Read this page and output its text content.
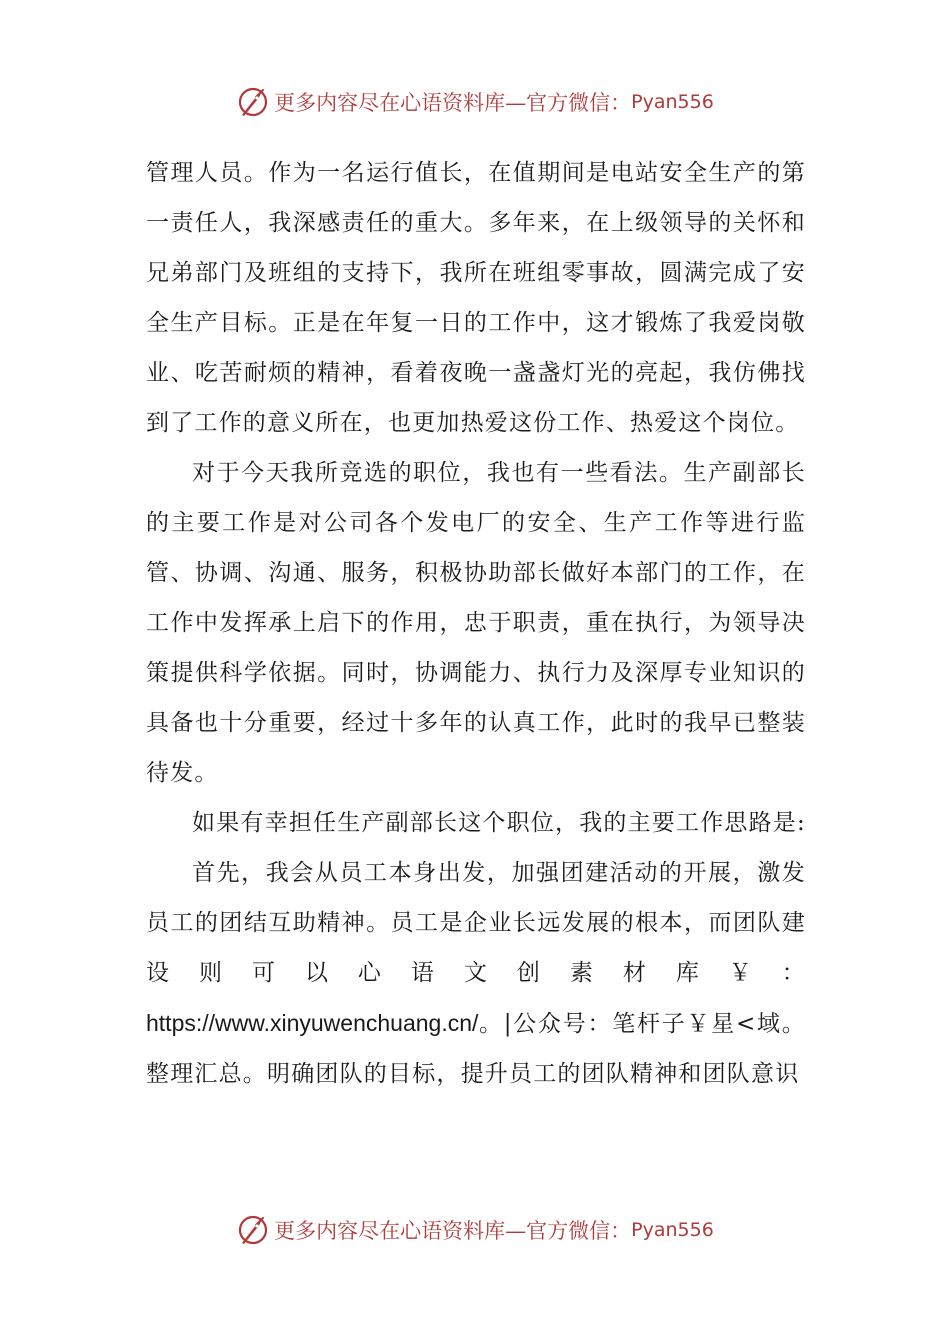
更多内容尽在心语资料库—官方微信： Pyan556

管理人员。作为一名运行值长，在值期间是电站安全生产的第一责任人，我深感责任的重大。多年来，在上级领导的关怀和兄弟部门及班组的支持下，我所在班组零事故，圆满完成了安全生产目标。正是在年复一日的工作中，这才锻炼了我爱岗敬业、吃苦耐烦的精神，看着夜晚一盏盏灯光的亮起，我仿佛找到了工作的意义所在，也更加热爱这份工作、热爱这个岗位。

对于今天我所竞选的职位，我也有一些看法。生产副部长的主要工作是对公司各个发电厂的安全、生产工作等进行监管、协调、沟通、服务，积极协助部长做好本部门的工作，在工作中发挥承上启下的作用，忠于职责，重在执行，为领导决策提供科学依据。同时，协调能力、执行力及深厚专业知识的具备也十分重要，经过十多年的认真工作，此时的我早已整装待发。

如果有幸担任生产副部长这个职位，我的主要工作思路是:

首先，我会从员工本身出发，加强团建活动的开展，激发员工的团结互助精神。员工是企业长远发展的根本，而团队建设则可以心语文创素材库￥：https://www.xinyuwenchuang.cn/。|公众号：笔杆子￥星<域。整理汇总。明确团队的目标，提升员工的团队精神和团队意识

更多内容尽在心语资料库—官方微信： Pyan556
